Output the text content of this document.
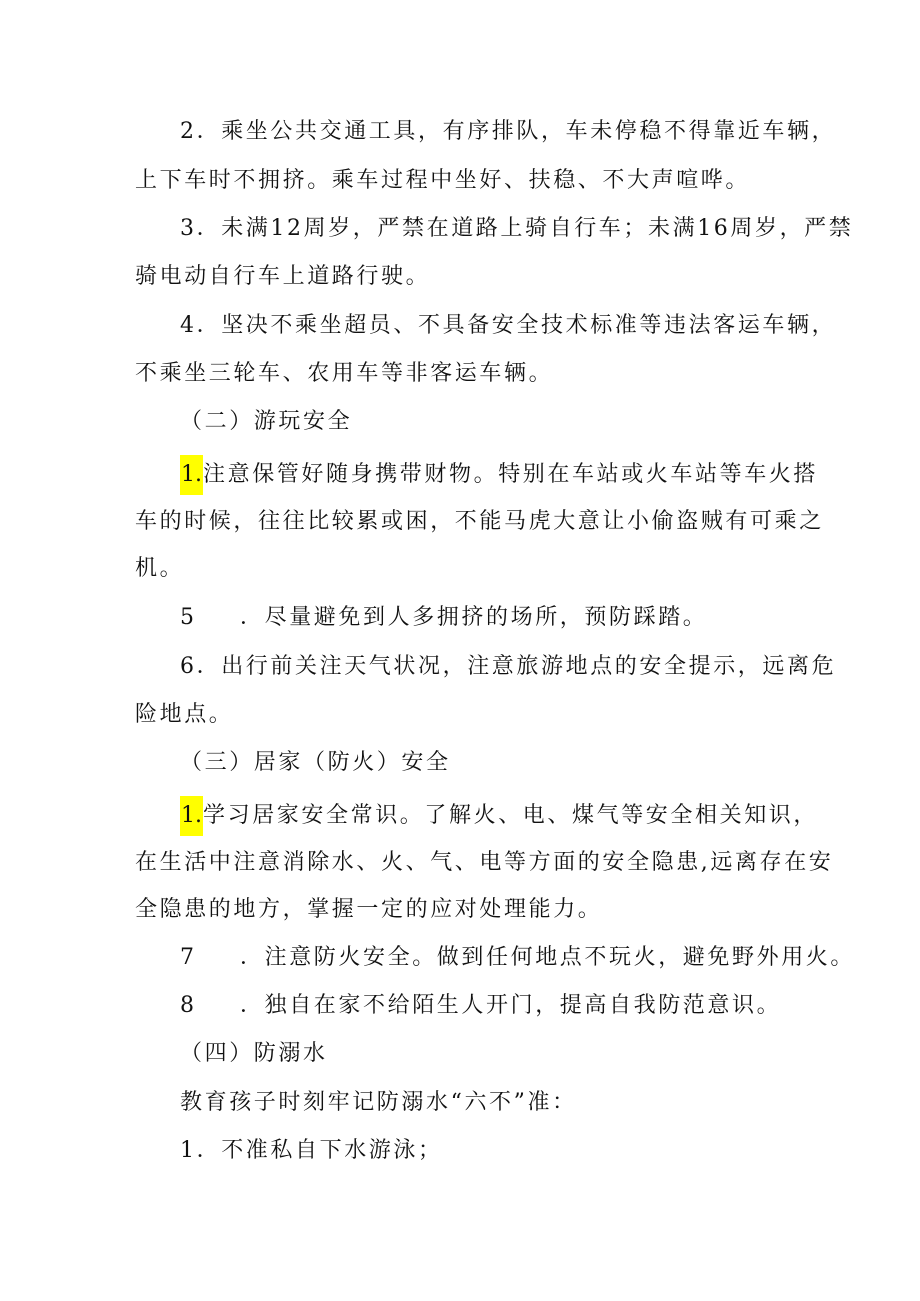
2．乘坐公共交通工具，有序排队，车未停稳不得靠近车辆，
上下车时不拥挤。乘车过程中坐好、扶稳、不大声喧哗。
3．未满12周岁，严禁在道路上骑自行车；未满16周岁，严禁
骑电动自行车上道路行驶。
4．坚决不乘坐超员、不具备安全技术标准等违法客运车辆，
不乘坐三轮车、农用车等非客运车辆。
（二）游玩安全
1.注意保管好随身携带财物。特别在车站或火车站等车火搭
车的时候，往往比较累或困，不能马虎大意让小偷盗贼有可乘之
机。
5 ．尽量避免到人多拥挤的场所，预防踩踏。
6．出行前关注天气状况，注意旅游地点的安全提示，远离危
险地点。
（三）居家（防火）安全
1.学习居家安全常识。了解火、电、煤气等安全相关知识，
在生活中注意消除水、火、气、电等方面的安全隐患,远离存在安
全隐患的地方，掌握一定的应对处理能力。
7 ．注意防火安全。做到任何地点不玩火，避免野外用火。
8 ．独自在家不给陌生人开门，提高自我防范意识。
（四）防溺水
教育孩子时刻牢记防溺水“六不”准：
1．不准私自下水游泳；
